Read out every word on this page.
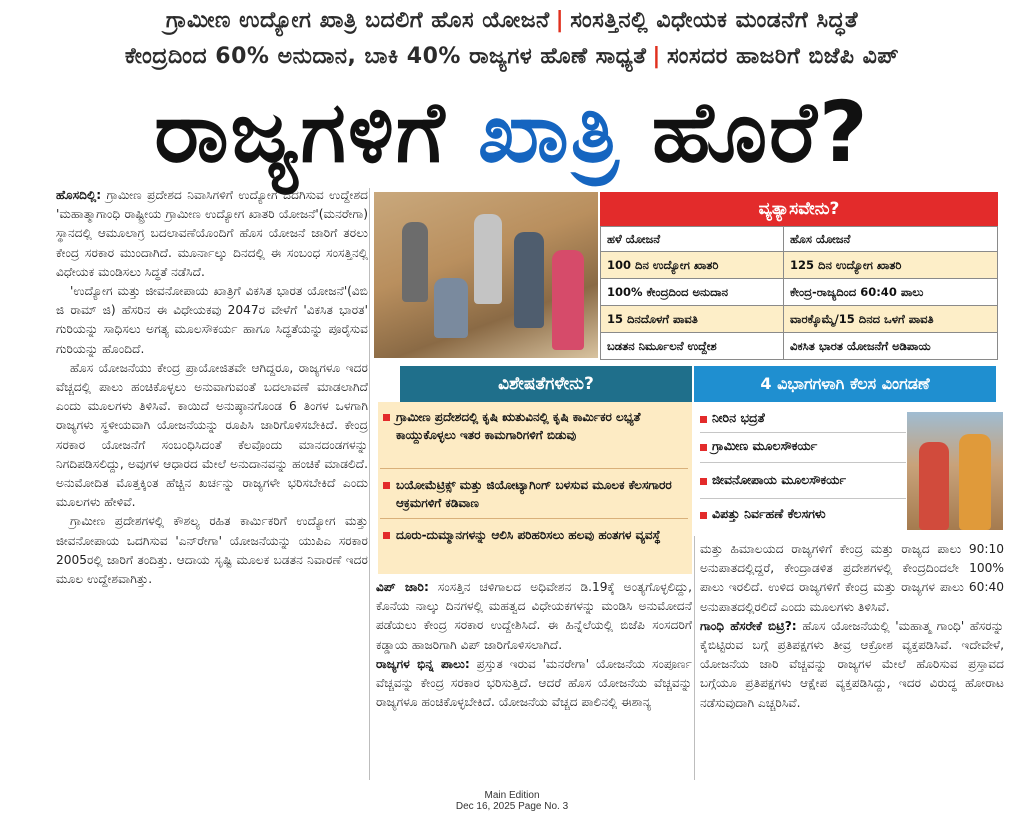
ಗ್ರಾಮೀಣ ಉದ್ಯೋಗ ಖಾತ್ರಿ ಬದಲಿಗೆ ಹೊಸ ಯೋಜನೆ | ಸಂಸತ್ತಿನಲ್ಲಿ ವಿಧೇಯಕ ಮಂಡನೆಗೆ ಸಿದ್ಧತೆ
ಕೇಂದ್ರದಿಂದ 60% ಅನುದಾನ, ಬಾಕಿ 40% ರಾಜ್ಯಗಳ ಹೊಣೆ ಸಾಧ್ಯತೆ | ಸಂಸದರ ಹಾಜರಿಗೆ ಬಿಜೆಪಿ ವಿಪ್
ರಾಜ್ಯಗಳಿಗೆ ಖಾತ್ರಿ ಹೊರೆ?

ಹೊಸದಿಲ್ಲಿ: ಗ್ರಾಮೀಣ ಪ್ರದೇಶದ ನಿವಾಸಿಗಳಿಗೆ ಉದ್ಯೋಗ ಒದಗಿಸುವ ಉದ್ದೇಶದ 'ಮಹಾತ್ಮಾಗಾಂಧಿ ರಾಷ್ಟ್ರೀಯ ಗ್ರಾಮೀಣ ಉದ್ಯೋಗ ಖಾತರಿ ಯೋಜನೆ'(ಮನರೇಗಾ) ಸ್ಥಾನದಲ್ಲಿ ಆಮೂಲಾಗ್ರ ಬದಲಾವಣೆಯೊಂದಿಗೆ ಹೊಸ ಯೋಜನೆ ಜಾರಿಗೆ ತರಲು ಕೇಂದ್ರ ಸರಕಾರ ಮುಂದಾಗಿದೆ. ಮೂರ್ನಾಲ್ಕು ದಿನದಲ್ಲಿ ಈ ಸಂಬಂಧ ಸಂಸತ್ತಿನಲ್ಲಿ ವಿಧೇಯಕ ಮಂಡಿಸಲು ಸಿದ್ಧತೆ ನಡೆಸಿದೆ.

'ಉದ್ಯೋಗ ಮತ್ತು ಜೀವನೋಪಾಯ ಖಾತ್ರಿಗೆ ವಿಕಸಿತ ಭಾರತ ಯೋಜನೆ'(ವಿಬಿ ಜಿ ರಾಮ್ ಜಿ) ಹೆಸರಿನ ಈ ವಿಧೇಯಕವು 2047ರ ವೇಳೆಗೆ 'ವಿಕಸಿತ ಭಾರತ' ಗುರಿಯನ್ನು ಸಾಧಿಸಲು ಅಗತ್ಯ ಮೂಲಸೌಕರ್ಯ ಹಾಗೂ ಸಿದ್ಧತೆಯನ್ನು ಪೂರೈಸುವ ಗುರಿಯನ್ನು ಹೊಂದಿದೆ.

ಹೊಸ ಯೋಜನೆಯು ಕೇಂದ್ರ ಪ್ರಾಯೋಜಿತವೇ ಆಗಿದ್ದರೂ, ರಾಜ್ಯಗಳೂ ಇದರ ವೆಚ್ಚದಲ್ಲಿ ಪಾಲು ಹಂಚಿಕೊಳ್ಳಲು ಅನುವಾಗುವಂತೆ ಬದಲಾವಣೆ ಮಾಡಲಾಗಿದೆ ಎಂದು ಮೂಲಗಳು ತಿಳಿಸಿವೆ. ಕಾಯಿದೆ ಅನುಷ್ಠಾನಗೊಂಡ 6 ತಿಂಗಳ ಒಳಗಾಗಿ ರಾಜ್ಯಗಳು ಸ್ಥಳೀಯವಾಗಿ ಯೋಜನೆಯನ್ನು ರೂಪಿಸಿ ಜಾರಿಗೊಳಿಸಬೇಕಿದೆ. ಕೇಂದ್ರ ಸರಕಾರ ಯೋಜನೆಗೆ ಸಂಬಂಧಿಸಿದಂತೆ ಕೆಲವೊಂದು ಮಾನದಂಡಗಳನ್ನು ನಿಗದಿಪಡಿಸಲಿದ್ದು, ಅವುಗಳ ಆಧಾರದ ಮೇಲೆ ಅನುದಾನವನ್ನು ಹಂಚಿಕೆ ಮಾಡಲಿದೆ. ಅನುಮೋದಿತ ಮೊತ್ತಕ್ಕಿಂತ ಹೆಚ್ಚಿನ ಖರ್ಚನ್ನು ರಾಜ್ಯಗಳೇ ಭರಿಸಬೇಕಿದೆ ಎಂದು ಮೂಲಗಳು ಹೇಳಿವೆ.

ಗ್ರಾಮೀಣ ಪ್ರದೇಶಗಳಲ್ಲಿ ಕೌಶಲ್ಯ ರಹಿತ ಕಾರ್ಮಿಕರಿಗೆ ಉದ್ಯೋಗ ಮತ್ತು ಜೀವನೋಪಾಯ ಒದಗಿಸುವ 'ಎನ್‌ರೇಗಾ' ಯೋಜನೆಯನ್ನು ಯುಪಿಎ ಸರಕಾರ 2005ರಲ್ಲಿ ಜಾರಿಗೆ ತಂದಿತ್ತು. ಆದಾಯ ಸೃಷ್ಟಿ ಮೂಲಕ ಬಡತನ ನಿವಾರಣೆ ಇದರ ಮೂಲ ಉದ್ದೇಶವಾಗಿತ್ತು.

ವ್ಯತ್ಯಾಸವೇನು?
ಹಳೆ ಯೋಜನೆ	ಹೊಸ ಯೋಜನೆ
100 ದಿನ ಉದ್ಯೋಗ ಖಾತರಿ	125 ದಿನ ಉದ್ಯೋಗ ಖಾತರಿ
100% ಕೇಂದ್ರದಿಂದ ಅನುದಾನ	ಕೇಂದ್ರ-ರಾಜ್ಯದಿಂದ 60:40 ಪಾಲು
15 ದಿನದೊಳಗೆ ಪಾವತಿ	ವಾರಕ್ಕೊಮ್ಮೆ/15 ದಿನದ ಒಳಗೆ ಪಾವತಿ
ಬಡತನ ನಿರ್ಮೂಲನೆ ಉದ್ದೇಶ	ವಿಕಸಿತ ಭಾರತ ಯೋಜನೆಗೆ ಅಡಿಪಾಯ
ವಿಶೇಷತೆಗಳೇನು?
ಗ್ರಾಮೀಣ ಪ್ರದೇಶದಲ್ಲಿ ಕೃಷಿ ಋತುವಿನಲ್ಲಿ ಕೃಷಿ ಕಾರ್ಮಿಕರ ಲಭ್ಯತೆ ಕಾಯ್ದುಕೊಳ್ಳಲು ಇತರ ಕಾಮಗಾರಿಗಳಿಗೆ ಬಿಡುವು
ಬಯೋಮೆಟ್ರಿಕ್ಸ್ ಮತ್ತು ಜಿಯೋಟ್ಯಾಗಿಂಗ್ ಬಳಸುವ ಮೂಲಕ ಕೆಲಸಗಾರರ ಆಕ್ರಮಗಳಿಗೆ ಕಡಿವಾಣ
ದೂರು-ದುಮ್ಮಾನಗಳನ್ನು ಆಲಿಸಿ ಪರಿಹರಿಸಲು ಹಲವು ಹಂತಗಳ ವ್ಯವಸ್ಥೆ
4 ವಿಭಾಗಗಳಾಗಿ ಕೆಲಸ ವಿಂಗಡಣೆ
ನೀರಿನ ಭದ್ರತೆ
ಗ್ರಾಮೀಣ ಮೂಲಸೌಕರ್ಯ
ಜೀವನೋಪಾಯ ಮೂಲಸೌಕರ್ಯ
ವಿಪತ್ತು ನಿರ್ವಹಣೆ ಕೆಲಸಗಳು

ವಿಪ್ ಜಾರಿ: ಸಂಸತ್ತಿನ ಚಳಿಗಾಲದ ಅಧಿವೇಶನ ಡಿ.19ಕ್ಕೆ ಅಂತ್ಯಗೊಳ್ಳಲಿದ್ದು, ಕೊನೆಯ ನಾಲ್ಕು ದಿನಗಳಲ್ಲಿ ಮಹತ್ವದ ವಿಧೇಯಕಗಳನ್ನು ಮಂಡಿಸಿ ಅನುಮೋದನೆ ಪಡೆಯಲು ಕೇಂದ್ರ ಸರಕಾರ ಉದ್ದೇಶಿಸಿದೆ. ಈ ಹಿನ್ನೆಲೆಯಲ್ಲಿ ಬಿಜೆಪಿ ಸಂಸದರಿಗೆ ಕಡ್ಡಾಯ ಹಾಜರಿಗಾಗಿ ವಿಪ್ ಜಾರಿಗೊಳಿಸಲಾಗಿದೆ.

ರಾಜ್ಯಗಳ ಭಿನ್ನ ಪಾಲು: ಪ್ರಸ್ತುತ ಇರುವ 'ಮನರೇಗಾ' ಯೋಜನೆಯ ಸಂಪೂರ್ಣ ವೆಚ್ಚವನ್ನು ಕೇಂದ್ರ ಸರಕಾರ ಭರಿಸುತ್ತಿದೆ. ಆದರೆ ಹೊಸ ಯೋಜನೆಯ ವೆಚ್ಚವನ್ನು ರಾಜ್ಯಗಳೂ ಹಂಚಿಕೊಳ್ಳಬೇಕಿದೆ. ಯೋಜನೆಯ ವೆಚ್ಚದ ಪಾಲಿನಲ್ಲಿ ಈಶಾನ್ಯ

ಮತ್ತು ಹಿಮಾಲಯದ ರಾಜ್ಯಗಳಿಗೆ ಕೇಂದ್ರ ಮತ್ತು ರಾಜ್ಯದ ಪಾಲು 90:10 ಅನುಪಾತದಲ್ಲಿದ್ದರೆ, ಕೇಂದ್ರಾಡಳಿತ ಪ್ರದೇಶಗಳಲ್ಲಿ ಕೇಂದ್ರದಿಂದಲೇ 100% ಪಾಲು ಇರಲಿದೆ. ಉಳಿದ ರಾಜ್ಯಗಳಿಗೆ ಕೇಂದ್ರ ಮತ್ತು ರಾಜ್ಯಗಳ ಪಾಲು 60:40 ಅನುಪಾತದಲ್ಲಿರಲಿದೆ ಎಂದು ಮೂಲಗಳು ತಿಳಿಸಿವೆ.

ಗಾಂಧಿ ಹೆಸರೇಕೆ ಬಿಟ್ರಿ?: ಹೊಸ ಯೋಜನೆಯಲ್ಲಿ 'ಮಹಾತ್ಮ ಗಾಂಧಿ' ಹೆಸರನ್ನು ಕೈಬಿಟ್ಟಿರುವ ಬಗ್ಗೆ ಪ್ರತಿಪಕ್ಷಗಳು ತೀವ್ರ ಆಕ್ರೋಶ ವ್ಯಕ್ತಪಡಿಸಿವೆ. ಇದೇವೇಳೆ, ಯೋಜನೆಯ ಜಾರಿ ವೆಚ್ಚವನ್ನು ರಾಜ್ಯಗಳ ಮೇಲೆ ಹೊರಿಸುವ ಪ್ರಸ್ತಾವದ ಬಗ್ಗೆಯೂ ಪ್ರತಿಪಕ್ಷಗಳು ಆಕ್ಷೇಪ ವ್ಯಕ್ತಪಡಿಸಿದ್ದು, ಇದರ ವಿರುದ್ಧ ಹೋರಾಟ ನಡೆಸುವುದಾಗಿ ಎಚ್ಚರಿಸಿವೆ.

Main Edition
Dec 16, 2025 Page No. 3
